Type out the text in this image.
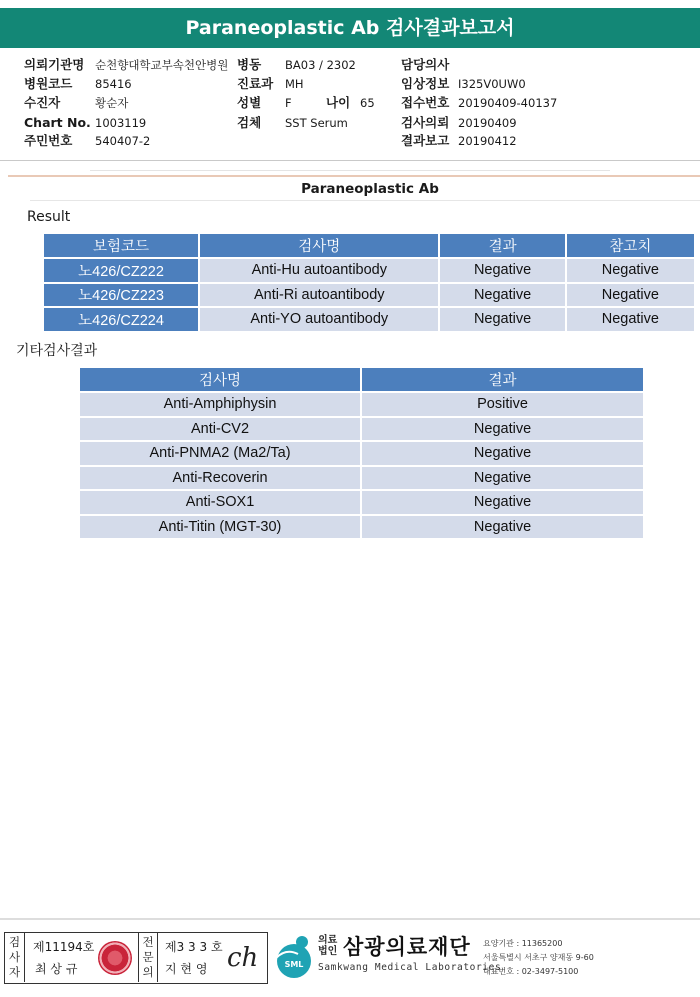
Paraneoplastic Ab 검사결과보고서
의뢰기관명 순천향대학교부속천안병원 병동 BA03 / 2302	담당의사
병원코드 85416	진료과 MH	임상정보 I325V0UW0
수진자	황순자	성별 F	나이 65 접수번호 20190409-40137
Chart No. 1003119	검체 SST Serum	검사의뢰 20190409
주민번호 540407-2	결과보고 20190412
Paraneoplastic Ab
Result
보험코드	검사명	결과	참고치
노426/CZ222	Anti-Hu autoantibody	Negative	Negative
노426/CZ223	Anti-Ri autoantibody	Negative	Negative
노426/CZ224	Anti-YO autoantibody	Negative	Negative
기타검사결과
검사명	결과
Anti-Amphiphysin	Positive
Anti-CV2	Negative
Anti-PNMA2 (Ma2/Ta)	Negative
Anti-Recoverin	Negative
Anti-SOX1	Negative
Anti-Titin (MGT-30)	Negative
검사자
제11194호
최 상 규
전문의
제3 3 3 호
지 현 영 ch	SML
의료
법인 삼광의료재단
Samkwang Medical Laboratories
요양기관 : 11365200
서울특별시 서초구 양재동 9-60
대표번호 : 02-3497-5100
